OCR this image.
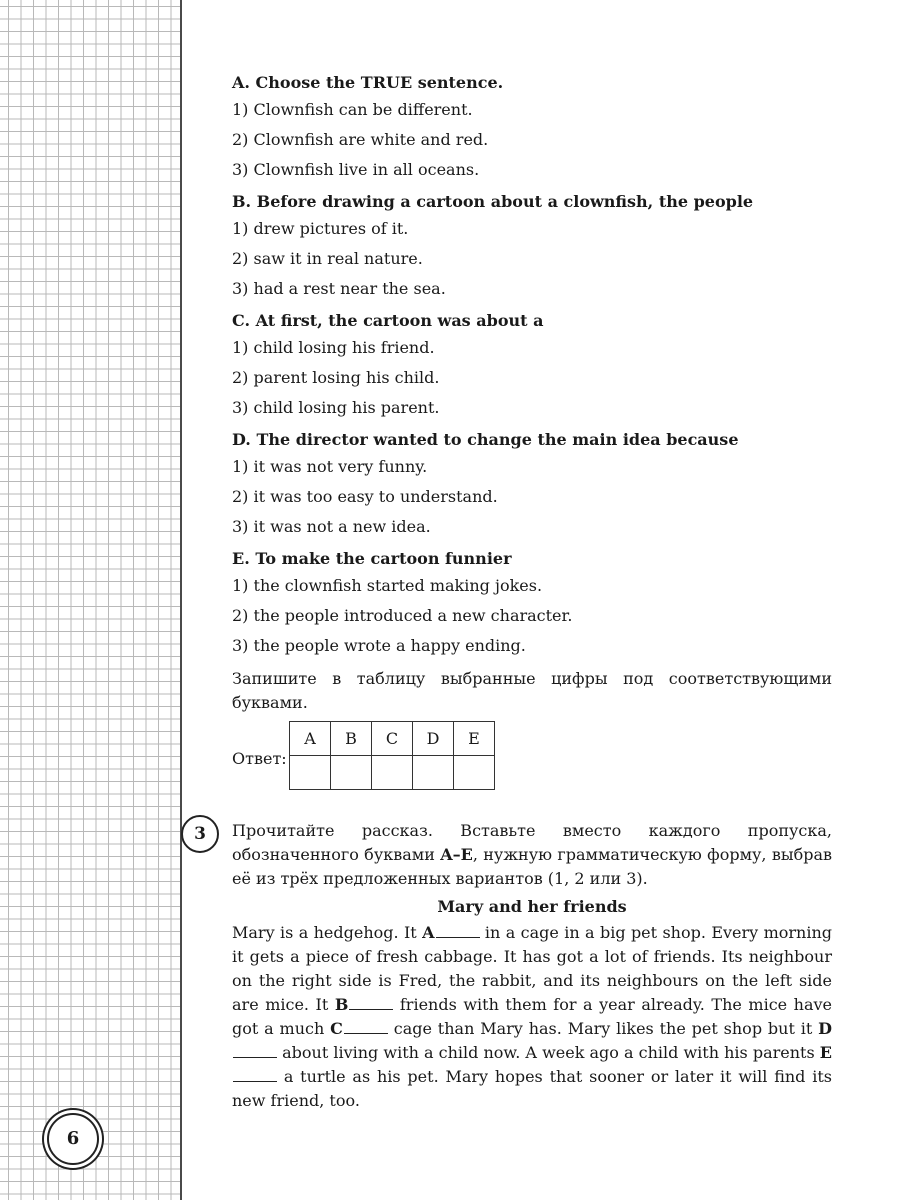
A. Choose the TRUE sentence.

1) Clownfish can be different.

2) Clownfish are white and red.

3) Clownfish live in all oceans.

B. Before drawing a cartoon about a clownfish, the people

1) drew pictures of it.

2) saw it in real nature.

3) had a rest near the sea.

C. At first, the cartoon was about a

1) child losing his friend.

2) parent losing his child.

3) child losing his parent.

D. The director wanted to change the main idea because

1) it was not very funny.

2) it was too easy to understand.

3) it was not a new idea.

E. To make the cartoon funnier

1) the clownfish started making jokes.

2) the people introduced a new character.

3) the people wrote a happy ending.

Запишите в таблицу выбранные цифры под соответствующими буквами.

Ответ:
A	B	C	D	E

3	Прочитайте рассказ. Вставьте вместо каждого пропуска, обозначенного буквами A–E, нужную грамматическую форму, выбрав её из трёх предложенных вариантов (1, 2 или 3).

Mary and her friends

Mary is a hedgehog. It A	in a cage in a big pet shop. Every morning it gets a piece of fresh cabbage. It has got a lot of friends. Its neighbour on the right side is Fred, the rabbit, and its neighbours on the left side are mice. It B	friends with them for a year already. The mice have got a much C	cage than Mary has. Mary likes the pet shop but it D about living with a child now. A week ago a child with his parents E a turtle as his pet. Mary hopes that sooner or later it will find its new friend, too.

6
